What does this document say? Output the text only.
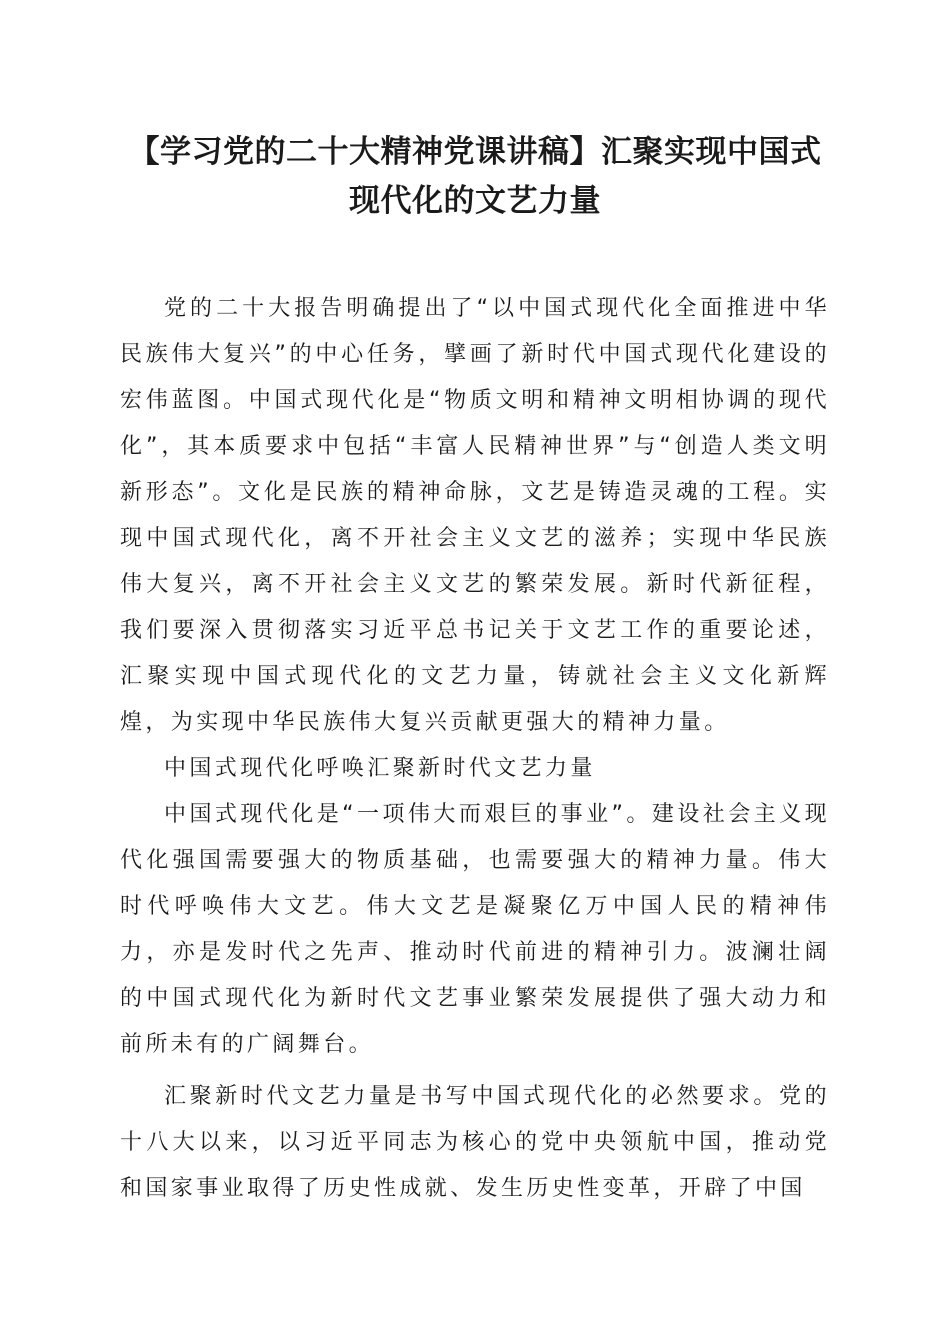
【学习党的二十大精神党课讲稿】汇聚实现中国式现代化的文艺力量

党的二十大报告明确提出了“以中国式现代化全面推进中华民族伟大复兴”的中心任务，擘画了新时代中国式现代化建设的宏伟蓝图。中国式现代化是“物质文明和精神文明相协调的现代化”，其本质要求中包括“丰富人民精神世界”与“创造人类文明新形态”。文化是民族的精神命脉，文艺是铸造灵魂的工程。实现中国式现代化，离不开社会主义文艺的滋养；实现中华民族伟大复兴，离不开社会主义文艺的繁荣发展。新时代新征程，我们要深入贯彻落实习近平总书记关于文艺工作的重要论述，汇聚实现中国式现代化的文艺力量，铸就社会主义文化新辉煌，为实现中华民族伟大复兴贡献更强大的精神力量。

中国式现代化呼唤汇聚新时代文艺力量

中国式现代化是“一项伟大而艰巨的事业”。建设社会主义现代化强国需要强大的物质基础，也需要强大的精神力量。伟大时代呼唤伟大文艺。伟大文艺是凝聚亿万中国人民的精神伟力，亦是发时代之先声、推动时代前进的精神引力。波澜壮阔的中国式现代化为新时代文艺事业繁荣发展提供了强大动力和前所未有的广阔舞台。

汇聚新时代文艺力量是书写中国式现代化的必然要求。党的十八大以来，以习近平同志为核心的党中央领航中国，推动党和国家事业取得了历史性成就、发生历史性变革，开辟了中国
